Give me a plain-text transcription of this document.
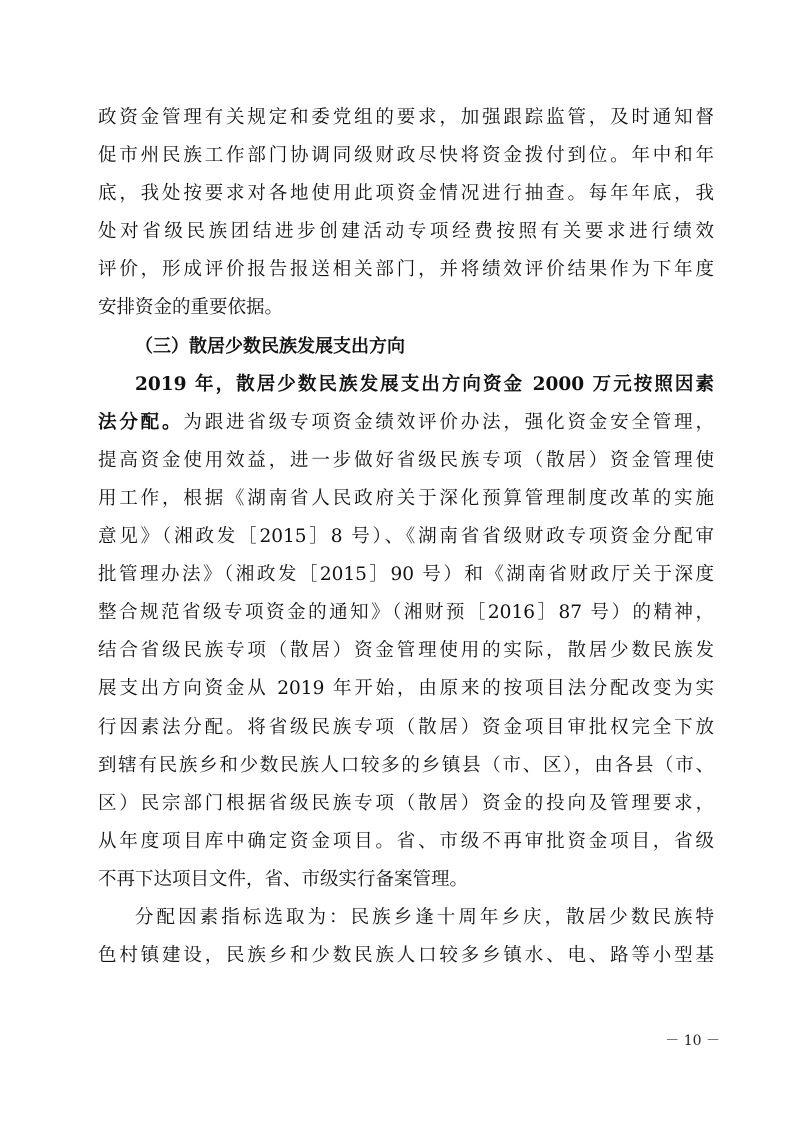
政资金管理有关规定和委党组的要求，加强跟踪监管，及时通知督
促市州民族工作部门协调同级财政尽快将资金拨付到位。年中和年
底，我处按要求对各地使用此项资金情况进行抽查。每年年底，我
处对省级民族团结进步创建活动专项经费按照有关要求进行绩效
评价，形成评价报告报送相关部门，并将绩效评价结果作为下年度
安排资金的重要依据。
（三）散居少数民族发展支出方向
2019 年，散居少数民族发展支出方向资金 2000 万元按照因素
法分配。为跟进省级专项资金绩效评价办法，强化资金安全管理，
提高资金使用效益，进一步做好省级民族专项（散居）资金管理使
用工作，根据《湖南省人民政府关于深化预算管理制度改革的实施
意见》（湘政发［2015］8 号）、《湖南省省级财政专项资金分配审
批管理办法》（湘政发［2015］90 号）和《湖南省财政厅关于深度
整合规范省级专项资金的通知》（湘财预［2016］87 号）的精神，
结合省级民族专项（散居）资金管理使用的实际，散居少数民族发
展支出方向资金从 2019 年开始，由原来的按项目法分配改变为实
行因素法分配。将省级民族专项（散居）资金项目审批权完全下放
到辖有民族乡和少数民族人口较多的乡镇县（市、区），由各县（市、
区）民宗部门根据省级民族专项（散居）资金的投向及管理要求，
从年度项目库中确定资金项目。省、市级不再审批资金项目，省级
不再下达项目文件，省、市级实行备案管理。
分配因素指标选取为：民族乡逢十周年乡庆，散居少数民族特
色村镇建设，民族乡和少数民族人口较多乡镇水、电、路等小型基
－ 10 －
